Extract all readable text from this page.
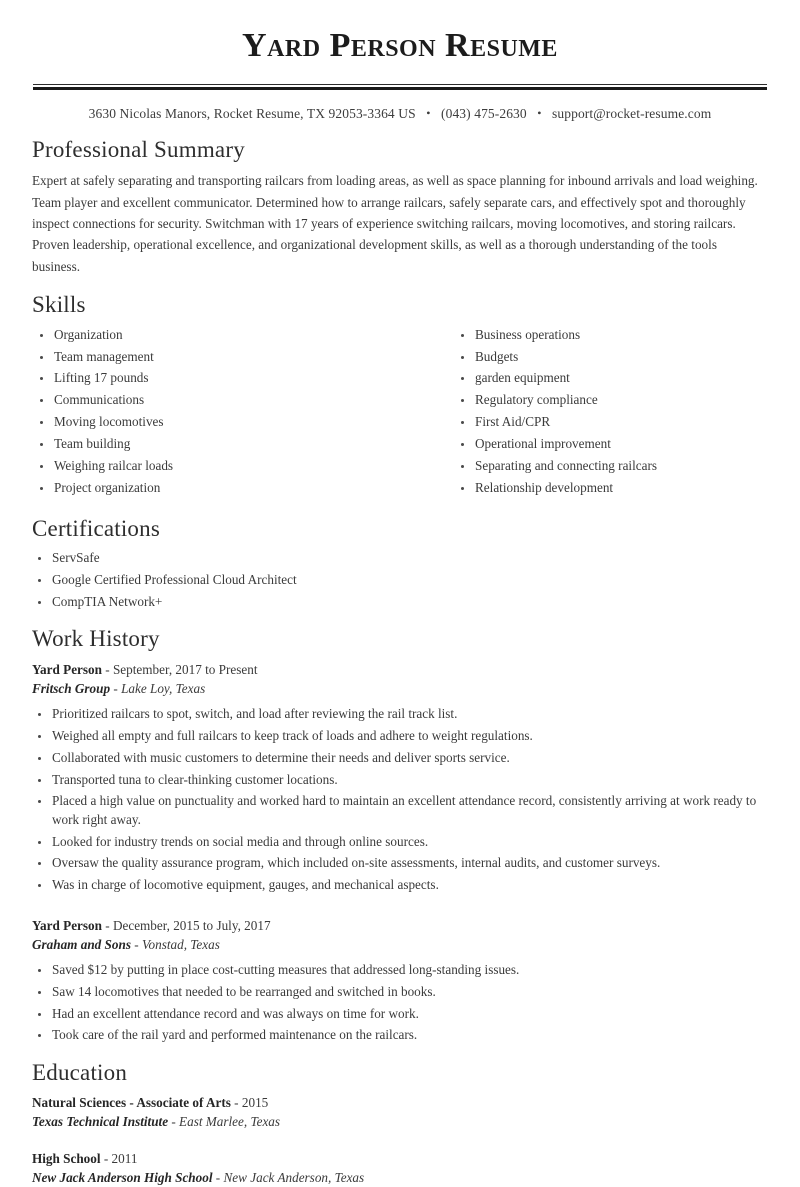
Yard Person Resume
3630 Nicolas Manors, Rocket Resume, TX 92053-3364 US • (043) 475-2630 • support@rocket-resume.com
Professional Summary

Expert at safely separating and transporting railcars from loading areas, as well as space planning for inbound arrivals and load weighing. Team player and excellent communicator. Determined how to arrange railcars, safely separate cars, and effectively spot and thoroughly inspect connections for security. Switchman with 17 years of experience switching railcars, moving locomotives, and storing railcars. Proven leadership, operational excellence, and organizational development skills, as well as a thorough understanding of the tools business.

Skills
Organization
Team management
Lifting 17 pounds
Communications
Moving locomotives
Team building
Weighing railcar loads
Project organization
Business operations
Budgets
garden equipment
Regulatory compliance
First Aid/CPR
Operational improvement
Separating and connecting railcars
Relationship development
Certifications
ServSafe
Google Certified Professional Cloud Architect
CompTIA Network+
Work History
Yard Person - September, 2017 to Present
Fritsch Group - Lake Loy, Texas
Prioritized railcars to spot, switch, and load after reviewing the rail track list.
Weighed all empty and full railcars to keep track of loads and adhere to weight regulations.
Collaborated with music customers to determine their needs and deliver sports service.
Transported tuna to clear-thinking customer locations.
Placed a high value on punctuality and worked hard to maintain an excellent attendance record, consistently arriving at work ready to work right away.
Looked for industry trends on social media and through online sources.
Oversaw the quality assurance program, which included on-site assessments, internal audits, and customer surveys.
Was in charge of locomotive equipment, gauges, and mechanical aspects.
Yard Person - December, 2015 to July, 2017
Graham and Sons - Vonstad, Texas
Saved $12 by putting in place cost-cutting measures that addressed long-standing issues.
Saw 14 locomotives that needed to be rearranged and switched in books.
Had an excellent attendance record and was always on time for work.
Took care of the rail yard and performed maintenance on the railcars.
Education
Natural Sciences - Associate of Arts - 2015
Texas Technical Institute - East Marlee, Texas
High School - 2011
New Jack Anderson High School - New Jack Anderson, Texas
